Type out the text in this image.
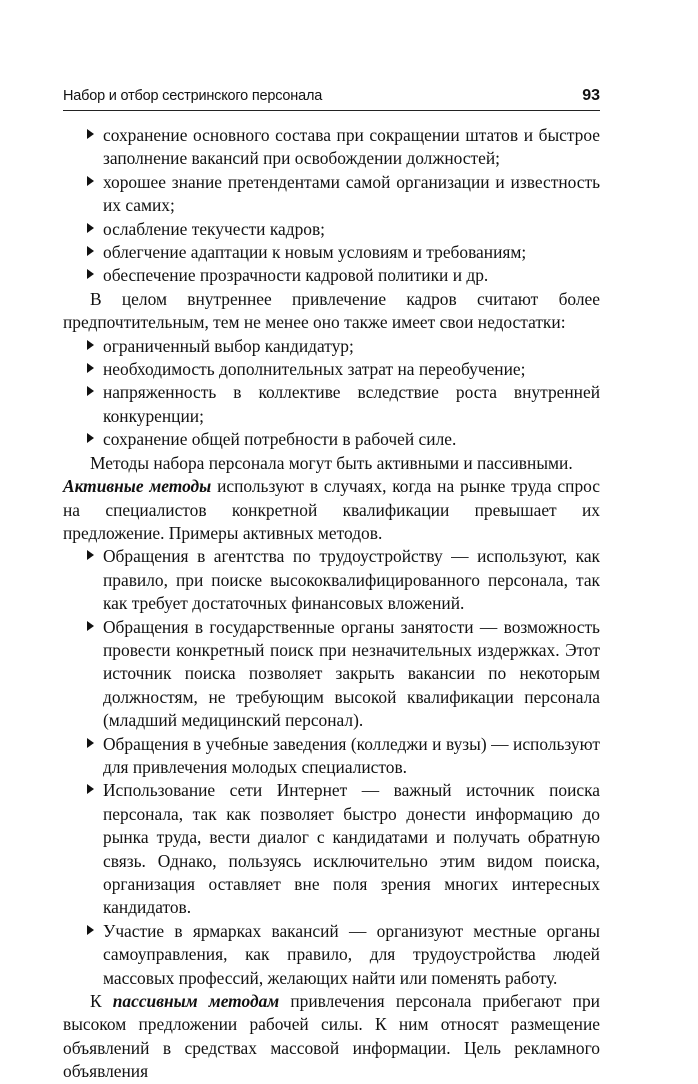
Набор и отбор сестринского персонала	93
сохранение основного состава при сокращении штатов и быстрое заполнение вакансий при освобождении должностей;
хорошее знание претендентами самой организации и известность их самих;
ослабление текучести кадров;
облегчение адаптации к новым условиям и требованиям;
обеспечение прозрачности кадровой политики и др.

В целом внутреннее привлечение кадров считают более предпочтительным, тем не менее оно также имеет свои недостатки:

ограниченный выбор кандидатур;
необходимость дополнительных затрат на переобучение;
напряженность в коллективе вследствие роста внутренней конкуренции;
сохранение общей потребности в рабочей силе.

Методы набора персонала могут быть активными и пассивными.

Активные методы используют в случаях, когда на рынке труда спрос на специалистов конкретной квалификации превышает их предложение. Примеры активных методов.

Обращения в агентства по трудоустройству — используют, как правило, при поиске высококвалифицированного персонала, так как требует достаточных финансовых вложений.
Обращения в государственные органы занятости — возможность провести конкретный поиск при незначительных издержках. Этот источник поиска позволяет закрыть вакансии по некоторым должностям, не требующим высокой квалификации персонала (младший медицинский персонал).
Обращения в учебные заведения (колледжи и вузы) — используют для привлечения молодых специалистов.
Использование сети Интернет — важный источник поиска персонала, так как позволяет быстро донести информацию до рынка труда, вести диалог с кандидатами и получать обратную связь. Однако, пользуясь исключительно этим видом поиска, организация оставляет вне поля зрения многих интересных кандидатов.
Участие в ярмарках вакансий — организуют местные органы самоуправления, как правило, для трудоустройства людей массовых профессий, желающих найти или поменять работу.

К пассивным методам привлечения персонала прибегают при высоком предложении рабочей силы. К ним относят размещение объявлений в средствах массовой информации. Цель рекламного объявления
